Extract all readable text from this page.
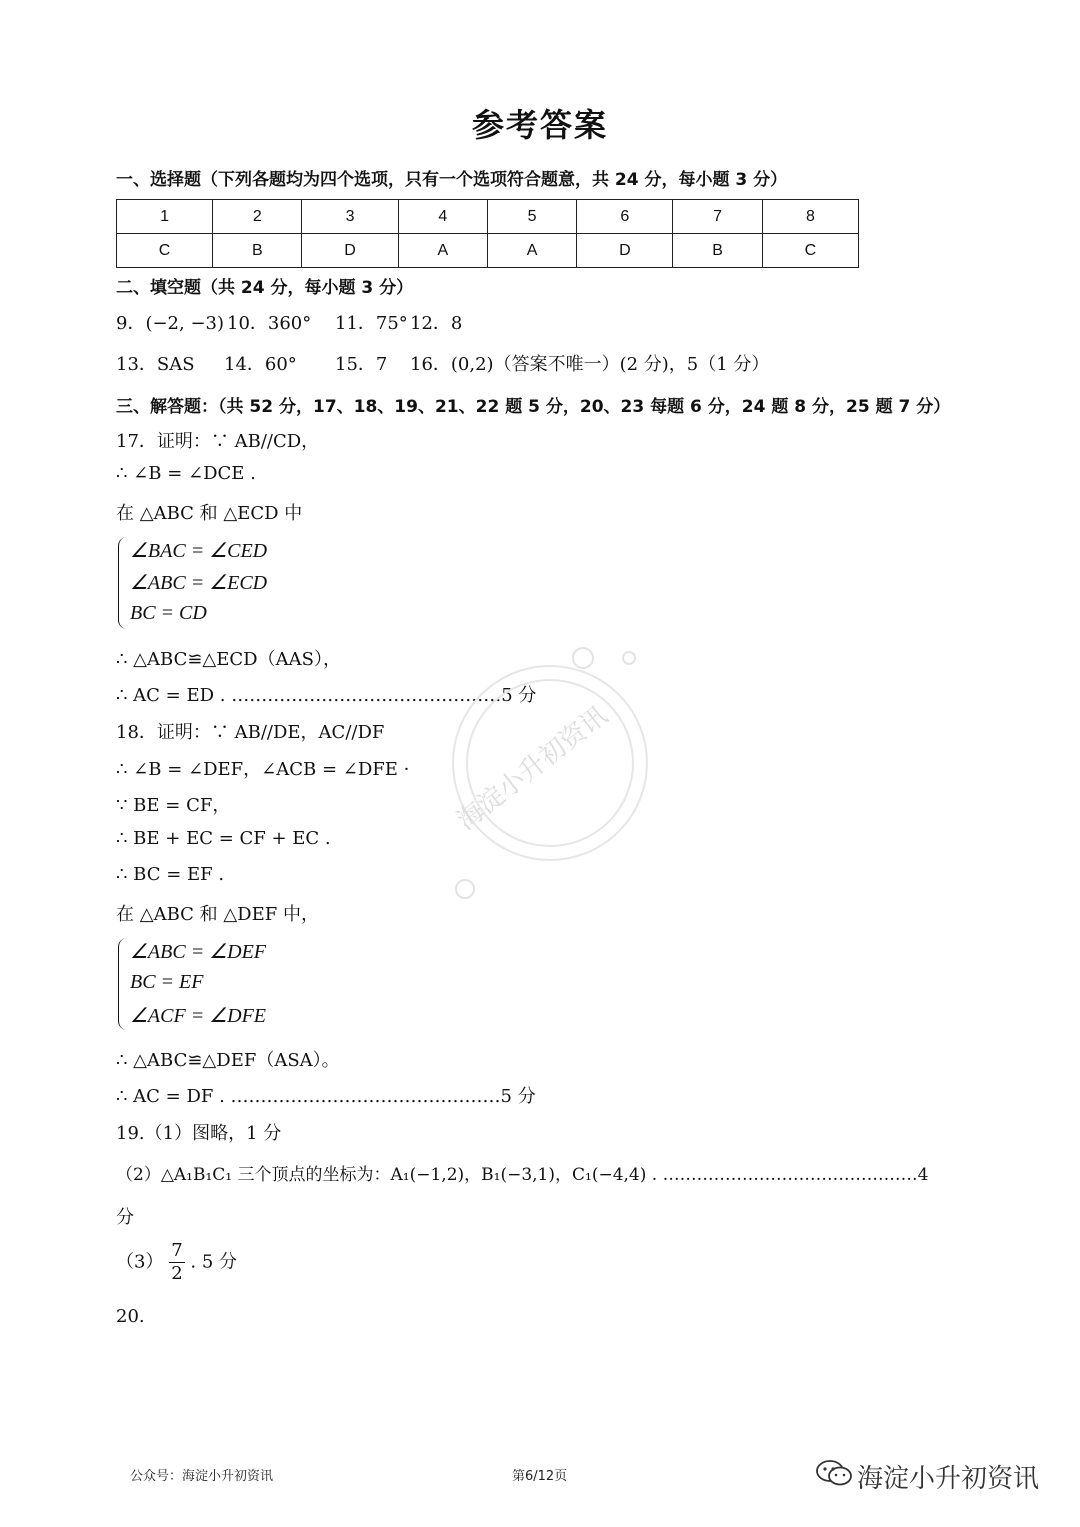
参考答案
一、选择题（下列各题均为四个选项，只有一个选项符合题意，共 24 分，每小题 3 分）
1	2	3	4	5	6	7	8
C	B	D	A	A	D	B	C
二、填空题（共 24 分，每小题 3 分）
9．(−2, −3) 10．360° 11．75° 12．8
13．SAS 14．60° 15．7 16．(0,2)（答案不唯一）(2 分)，5（1 分）
三、解答题：（共 52 分，17、18、19、21、22 题 5 分，20、23 每题 6 分，24 题 8 分，25 题 7 分）
17．证明：∵ AB//CD，
∴ ∠B = ∠DCE .
在 △ABC 和 △ECD 中
∠BAC = ∠CED
∠ABC = ∠ECD
BC = CD
∴ △ABC≌△ECD（AAS），
∴ AC = ED . ………………………………………5 分
18．证明：∵ AB//DE，AC//DF
∴ ∠B = ∠DEF，∠ACB = ∠DFE ·
∵ BE = CF，
∴ BE + EC = CF + EC .
∴ BC = EF .
在 △ABC 和 △DEF 中，
∠ABC = ∠DEF
BC = EF
∠ACF = ∠DFE
∴ △ABC≌△DEF（ASA）。
∴ AC = DF . ………………………………………5 分
19.（1）图略，1 分
（2）△A₁B₁C₁ 三个顶点的坐标为：A₁(−1,2)，B₁(−3,1)，C₁(−4,4) . ………………………………………4
分
$(3) \frac{7}{2}$ . 5 分
20.
海淀小升初资讯
公众号：海淀小升初资讯	第6/12页	海淀小升初资讯
